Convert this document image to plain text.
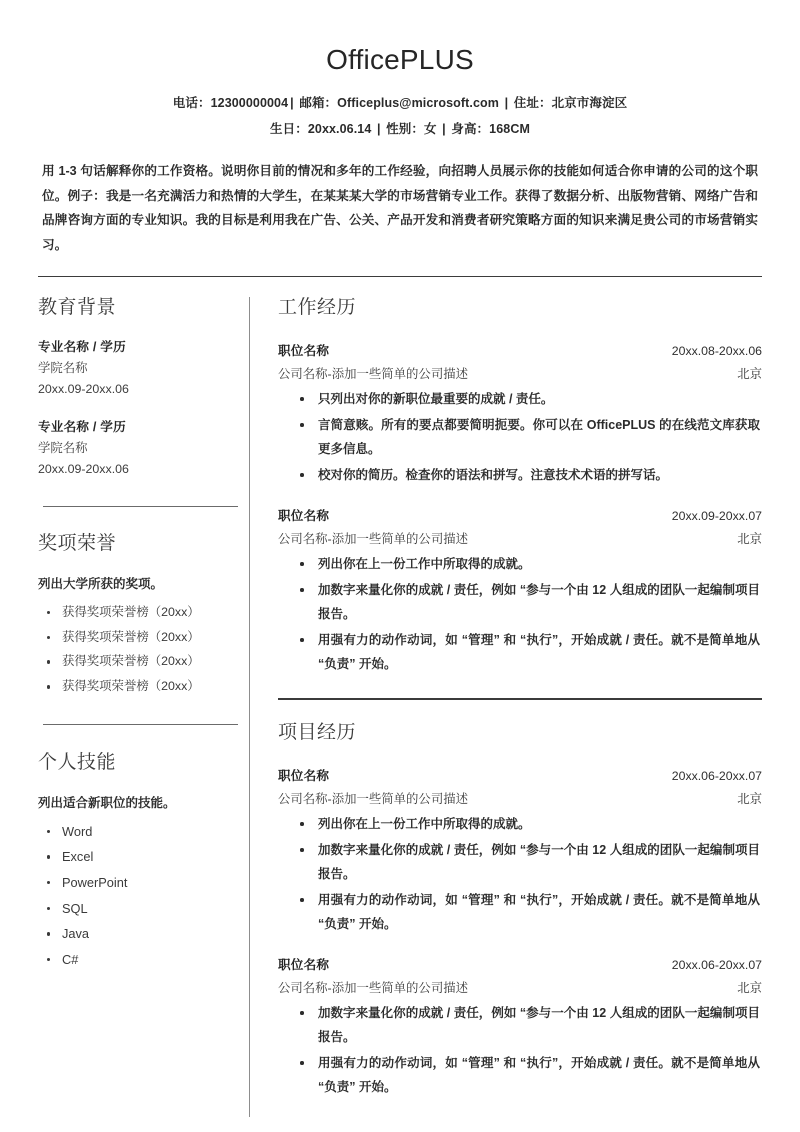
OfficePLUS
电话：12300000004 | 邮箱：Officeplus@microsoft.com | 住址：北京市海淀区
生日：20xx.06.14 | 性别：女 | 身高：168CM
用 1-3 句话解释你的工作资格。说明你目前的情况和多年的工作经验，向招聘人员展示你的技能如何适合你申请的公司的这个职位。例子：我是一名充满活力和热情的大学生，在某某某大学的市场营销专业工作。获得了数据分析、出版物营销、网络广告和品牌咨询方面的专业知识。我的目标是利用我在广告、公关、产品开发和消费者研究策略方面的知识来满足贵公司的市场营销实习。
教育背景
专业名称 / 学历
学院名称
20xx.09-20xx.06
专业名称 / 学历
学院名称
20xx.09-20xx.06
奖项荣誉
列出大学所获的奖项。
获得奖项荣誉榜（20xx）
获得奖项荣誉榜（20xx）
获得奖项荣誉榜（20xx）
获得奖项荣誉榜（20xx）
个人技能
列出适合新职位的技能。
Word
Excel
PowerPoint
SQL
Java
C#
工作经历
职位名称	20xx.08-20xx.06
公司名称-添加一些简单的公司描述	北京
只列出对你的新职位最重要的成就 / 责任。
言简意赅。所有的要点都要简明扼要。你可以在 OfficePLUS 的在线范文库获取更多信息。
校对你的简历。检查你的语法和拼写。注意技术术语的拼写话。
职位名称	20xx.09-20xx.07
公司名称-添加一些简单的公司描述	北京
列出你在上一份工作中所取得的成就。
加数字来量化你的成就 / 责任，例如 “参与一个由 12 人组成的团队一起编制项目报告。
用强有力的动作动词，如 “管理” 和 “执行”，开始成就 / 责任。就不是简单地从 “负责” 开始。
项目经历
职位名称	20xx.06-20xx.07
公司名称-添加一些简单的公司描述	北京
列出你在上一份工作中所取得的成就。
加数字来量化你的成就 / 责任，例如 “参与一个由 12 人组成的团队一起编制项目报告。
用强有力的动作动词，如 “管理” 和 “执行”，开始成就 / 责任。就不是简单地从 “负责” 开始。
职位名称	20xx.06-20xx.07
公司名称-添加一些简单的公司描述	北京
加数字来量化你的成就 / 责任，例如 “参与一个由 12 人组成的团队一起编制项目报告。
用强有力的动作动词，如 “管理” 和 “执行”，开始成就 / 责任。就不是简单地从 “负责” 开始。
